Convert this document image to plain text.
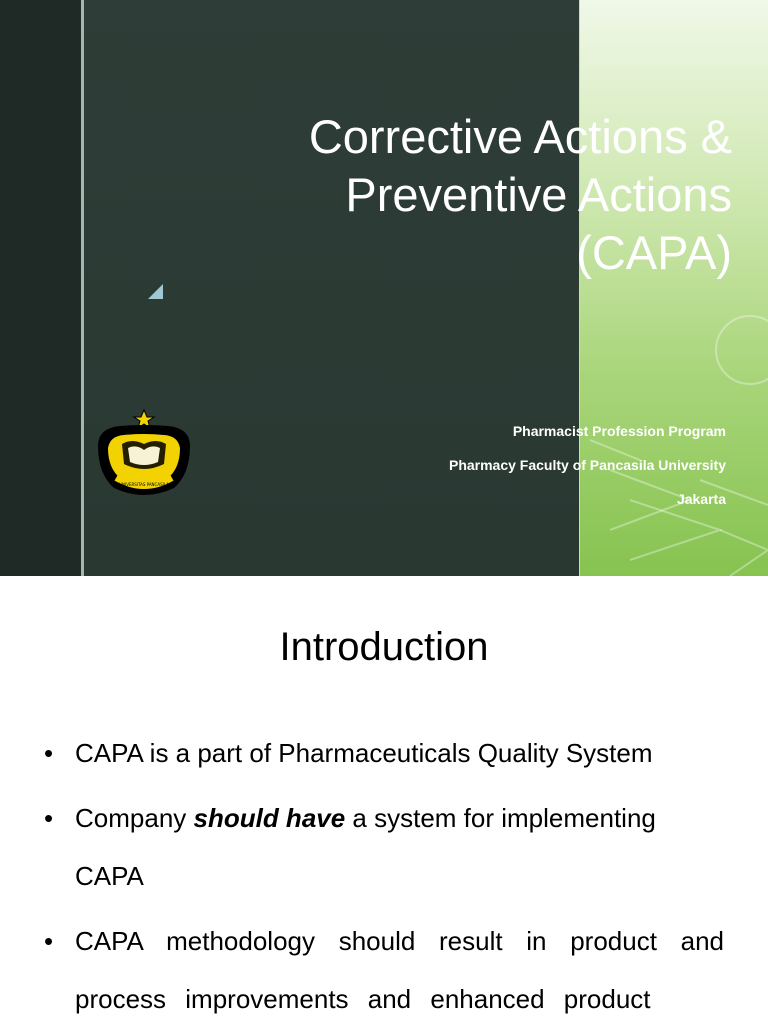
Corrective Actions &
Preventive Actions
(CAPA)
UNIVERSITAS PANCASILA
Pharmacist Profession Program
Pharmacy Faculty of Pancasila University
Jakarta
Introduction
• CAPA is a part of Pharmaceuticals Quality System
• Company should have a system for implementing CAPA
• CAPA methodology should result in product and process improvements and enhanced product
